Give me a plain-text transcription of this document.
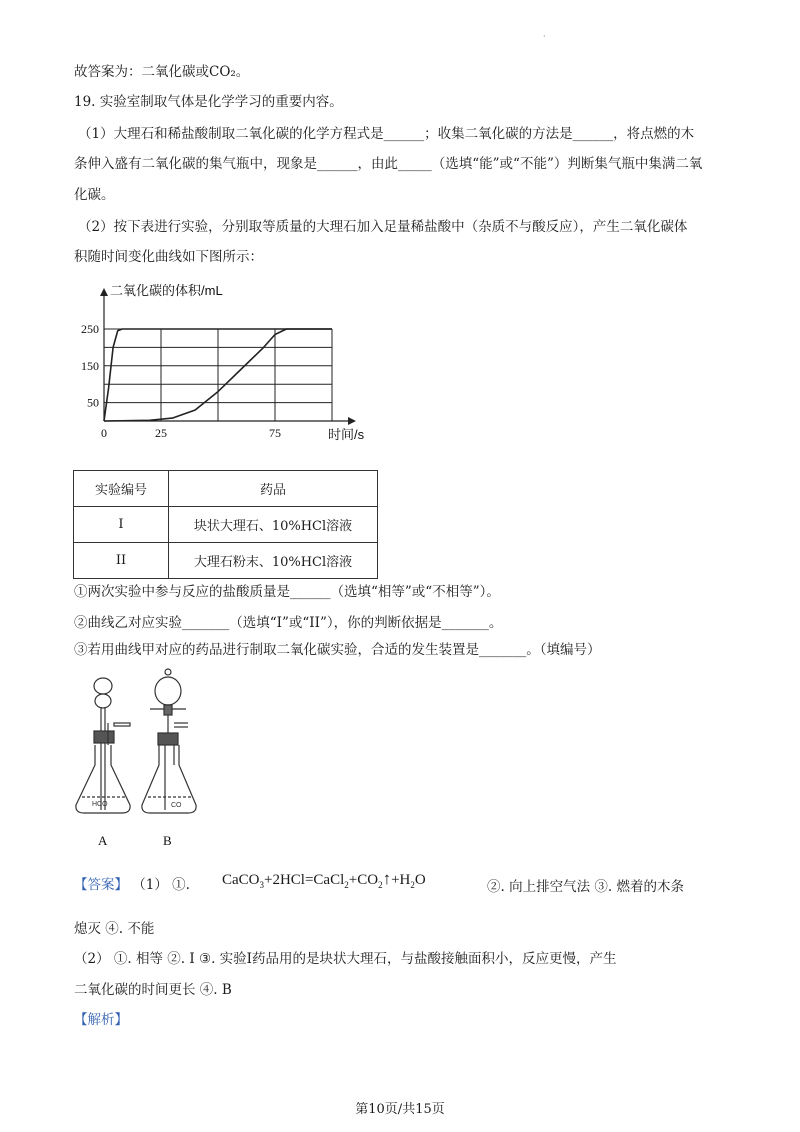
·
故答案为：二氧化碳或CO₂。
19. 实验室制取气体是化学学习的重要内容。
（1）大理石和稀盐酸制取二氧化碳的化学方程式是______；收集二氧化碳的方法是______，将点燃的木
条伸入盛有二氧化碳的集气瓶中，现象是______，由此_____（选填“能”或“不能”）判断集气瓶中集满二氧
化碳。
（2）按下表进行实验，分别取等质量的大理石加入足量稀盐酸中（杂质不与酸反应），产生二氧化碳体
积随时间变化曲线如下图所示：
250
150
50
0	25	75
二氧化碳的体积/mL
时间/s
实验编号	药品
I	块状大理石、10%HCl溶液
II	大理石粉末、10%HCl溶液
①两次实验中参与反应的盐酸质量是______（选填“相等”或“不相等”）。
②曲线乙对应实验_______（选填“I”或“II”），你的判断依据是_______。
③若用曲线甲对应的药品进行制取二氧化碳实验，合适的发生装置是_______。（填编号）
HCO	CO
A	B
【答案】 （1） ①. $CaCO_3+2HCl=CaCl_2+CO_2↑+H_2O$	②. 向上排空气法 ③. 燃着的木条
熄灭 ④. 不能
（2） ①. 相等 ②. I ③. 实验I药品用的是块状大理石，与盐酸接触面积小，反应更慢，产生
二氧化碳的时间更长 ④. B
【解析】
第10页/共15页
